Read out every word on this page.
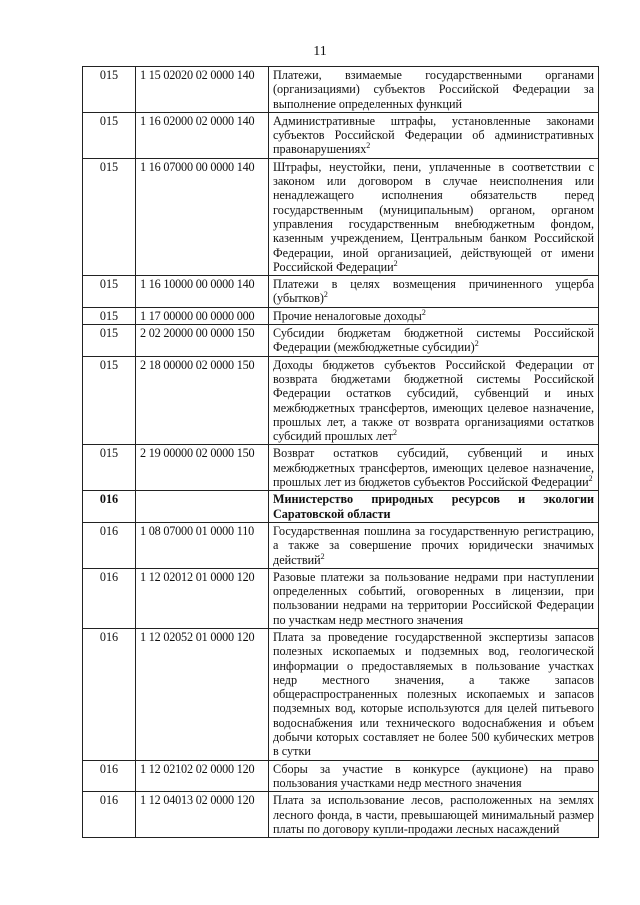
11
015	1 15 02020 02 0000 140	Платежи, взимаемые государственными органами (организациями) субъектов Российской Федерации за выполнение определенных функций
015	1 16 02000 02 0000 140	Административные штрафы, установленные законами субъектов Российской Федерации об административных правонарушениях$^2$
015	1 16 07000 00 0000 140	Штрафы, неустойки, пени, уплаченные в соответствии с законом или договором в случае неисполнения или ненадлежащего исполнения обязательств перед государственным (муниципальным) органом, органом управления государственным внебюджетным фондом, казенным учреждением, Центральным банком Российской Федерации, иной организацией, действующей от имени Российской Федерации$^2$
015	1 16 10000 00 0000 140	Платежи в целях возмещения причиненного ущерба (убытков)$^2$
015	1 17 00000 00 0000 000	Прочие неналоговые доходы$^2$
015	2 02 20000 00 0000 150	Субсидии бюджетам бюджетной системы Российской Федерации (межбюджетные субсидии)$^2$
015	2 18 00000 02 0000 150	Доходы бюджетов субъектов Российской Федерации от возврата бюджетами бюджетной системы Российской Федерации остатков субсидий, субвенций и иных межбюджетных трансфертов, имеющих целевое назначение, прошлых лет, а также от возврата организациями остатков субсидий прошлых лет$^2$
015	2 19 00000 02 0000 150	Возврат остатков субсидий, субвенций и иных межбюджетных трансфертов, имеющих целевое назначение, прошлых лет из бюджетов субъектов Российской Федерации$^2$
016		Министерство природных ресурсов и экологии Саратовской области
016	1 08 07000 01 0000 110	Государственная пошлина за государственную регистрацию, а также за совершение прочих юридически значимых действий$^2$
016	1 12 02012 01 0000 120	Разовые платежи за пользование недрами при наступлении определенных событий, оговоренных в лицензии, при пользовании недрами на территории Российской Федерации по участкам недр местного значения
016	1 12 02052 01 0000 120	Плата за проведение государственной экспертизы запасов полезных ископаемых и подземных вод, геологической информации о предоставляемых в пользование участках недр местного значения, а также запасов общераспространенных полезных ископаемых и запасов подземных вод, которые используются для целей питьевого водоснабжения или технического водоснабжения и объем добычи которых составляет не более 500 кубических метров в сутки
016	1 12 02102 02 0000 120	Сборы за участие в конкурсе (аукционе) на право пользования участками недр местного значения
016	1 12 04013 02 0000 120	Плата за использование лесов, расположенных на землях лесного фонда, в части, превышающей минимальный размер платы по договору купли-продажи лесных насаждений
